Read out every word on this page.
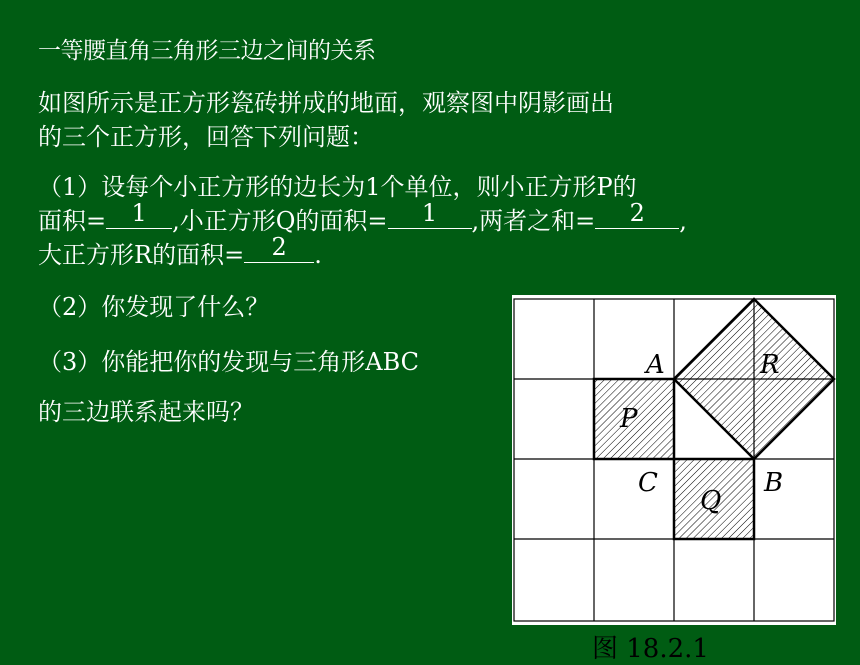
一等腰直角三角形三边之间的关系
如图所示是正方形瓷砖拼成的地面，观察图中阴影画出
的三个正方形，回答下列问题：
（1）设每个小正方形的边长为1个单位，则小正方形P的
面积=	1	,小正方形Q的面积=	1	,两者之和=	2	,
大正方形R的面积=	2	.
（2）你发现了什么？
（3）你能把你的发现与三角形ABC
的三边联系起来吗？
A	R
P
C	B
Q
图 18.2.1
